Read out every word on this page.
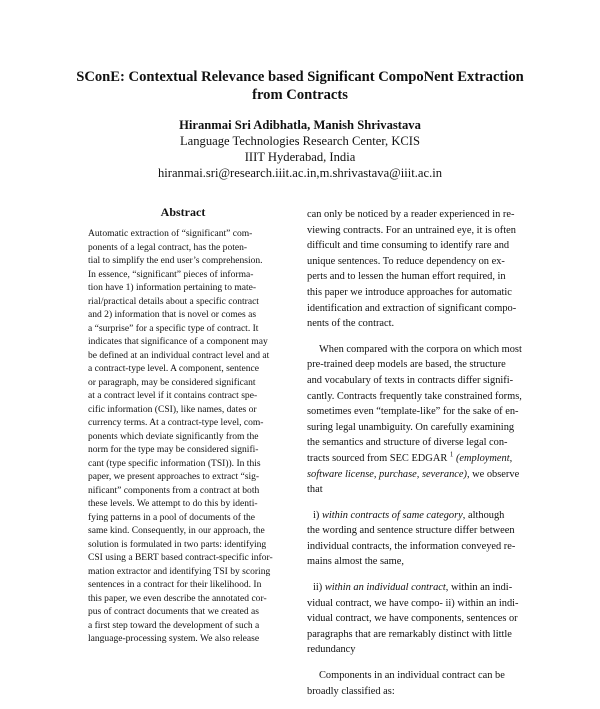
SConE: Contextual Relevance based Significant CompoNent Extraction
from Contracts
Hiranmai Sri Adibhatla, Manish Shrivastava
Language Technologies Research Center, KCIS
IIIT Hyderabad, India
hiranmai.sri@research.iiit.ac.in,m.shrivastava@iiit.ac.in
Abstract
Automatic extraction of “significant” com-
ponents of a legal contract, has the poten-
tial to simplify the end user’s comprehension.
In essence, “significant” pieces of informa-
tion have 1) information pertaining to mate-
rial/practical details about a specific contract
and 2) information that is novel or comes as
a “surprise” for a specific type of contract. It
indicates that significance of a component may
be defined at an individual contract level and at
a contract-type level. A component, sentence
or paragraph, may be considered significant
at a contract level if it contains contract spe-
cific information (CSI), like names, dates or
currency terms. At a contract-type level, com-
ponents which deviate significantly from the
norm for the type may be considered signifi-
cant (type specific information (TSI)). In this
paper, we present approaches to extract “sig-
nificant” components from a contract at both
these levels. We attempt to do this by identi-
fying patterns in a pool of documents of the
same kind. Consequently, in our approach, the
solution is formulated in two parts: identifying
CSI using a BERT based contract-specific infor-
mation extractor and identifying TSI by scoring
sentences in a contract for their likelihood. In
this paper, we even describe the annotated cor-
pus of contract documents that we created as
a first step toward the development of such a
language-processing system. We also release
can only be noticed by a reader experienced in re-
viewing contracts. For an untrained eye, it is often
difficult and time consuming to identify rare and
unique sentences. To reduce dependency on ex-
perts and to lessen the human effort required, in
this paper we introduce approaches for automatic
identification and extraction of significant compo-
nents of the contract.
When compared with the corpora on which most
pre-trained deep models are based, the structure
and vocabulary of texts in contracts differ signifi-
cantly. Contracts frequently take constrained forms,
sometimes even “template-like” for the sake of en-
suring legal unambiguity. On carefully examining
the semantics and structure of diverse legal con-
tracts sourced from SEC EDGAR $^1$ (employment,
software license, purchase, severance), we observe
that
i) within contracts of same category, although
the wording and sentence structure differ between
individual contracts, the information conveyed re-
mains almost the same,
ii) within an individual contract, within an indi-
vidual contract, we have compo- ii) within an indi-
vidual contract, we have components, sentences or
paragraphs that are remarkably distinct with little
redundancy
Components in an individual contract can be
broadly classified as:
